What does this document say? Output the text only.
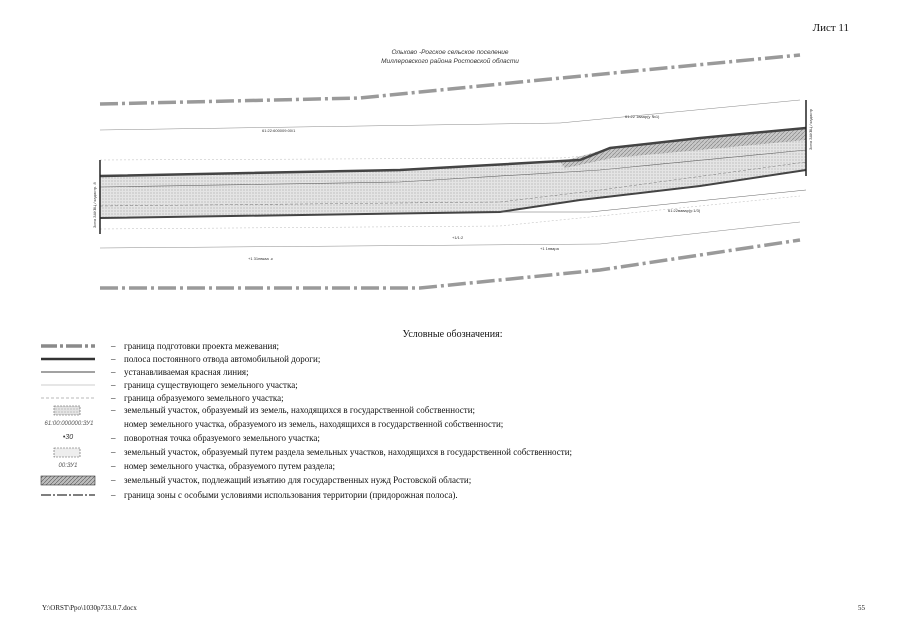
Лист 11
Ольхово -Рогское сельское поселение
Миллеровского района Ростовской области
61:22:600009:00/1
61:22 1ваар(у №1)
61:22вавар(у:1/3)
+1/1:2
+1 1нвара
+1 31нвкаа .к
Зона ЗАКВЦ / кадастр. 8
Зона ЗАКВЦ / кадастр
Условные обозначения:
– граница подготовки проекта межевания;
– полоса постоянного отвода автомобильной дороги;
– устанавливаемая красная линия;
– граница существующего земельного участка;
– граница образуемого земельного участка;
– земельный участок, образуемый из земель, находящихся в государственной собственности;
61:00:000000:ЗУ1	номер земельного участка, образуемого из земель, находящихся в государственной собственности;
•30	– поворотная точка образуемого земельного участка;
– земельный участок, образуемый путем раздела земельных участков, находящихся в государственной собственности;
00:ЗУ1	– номер земельного участка, образуемого путем раздела;
– земельный участок, подлежащий изъятию для государственных нужд Ростовской области;
– граница зоны с особыми условиями использования территории (придорожная полоса).
Y:\ORST\Ppo\1030p733.0.7.docx	55
